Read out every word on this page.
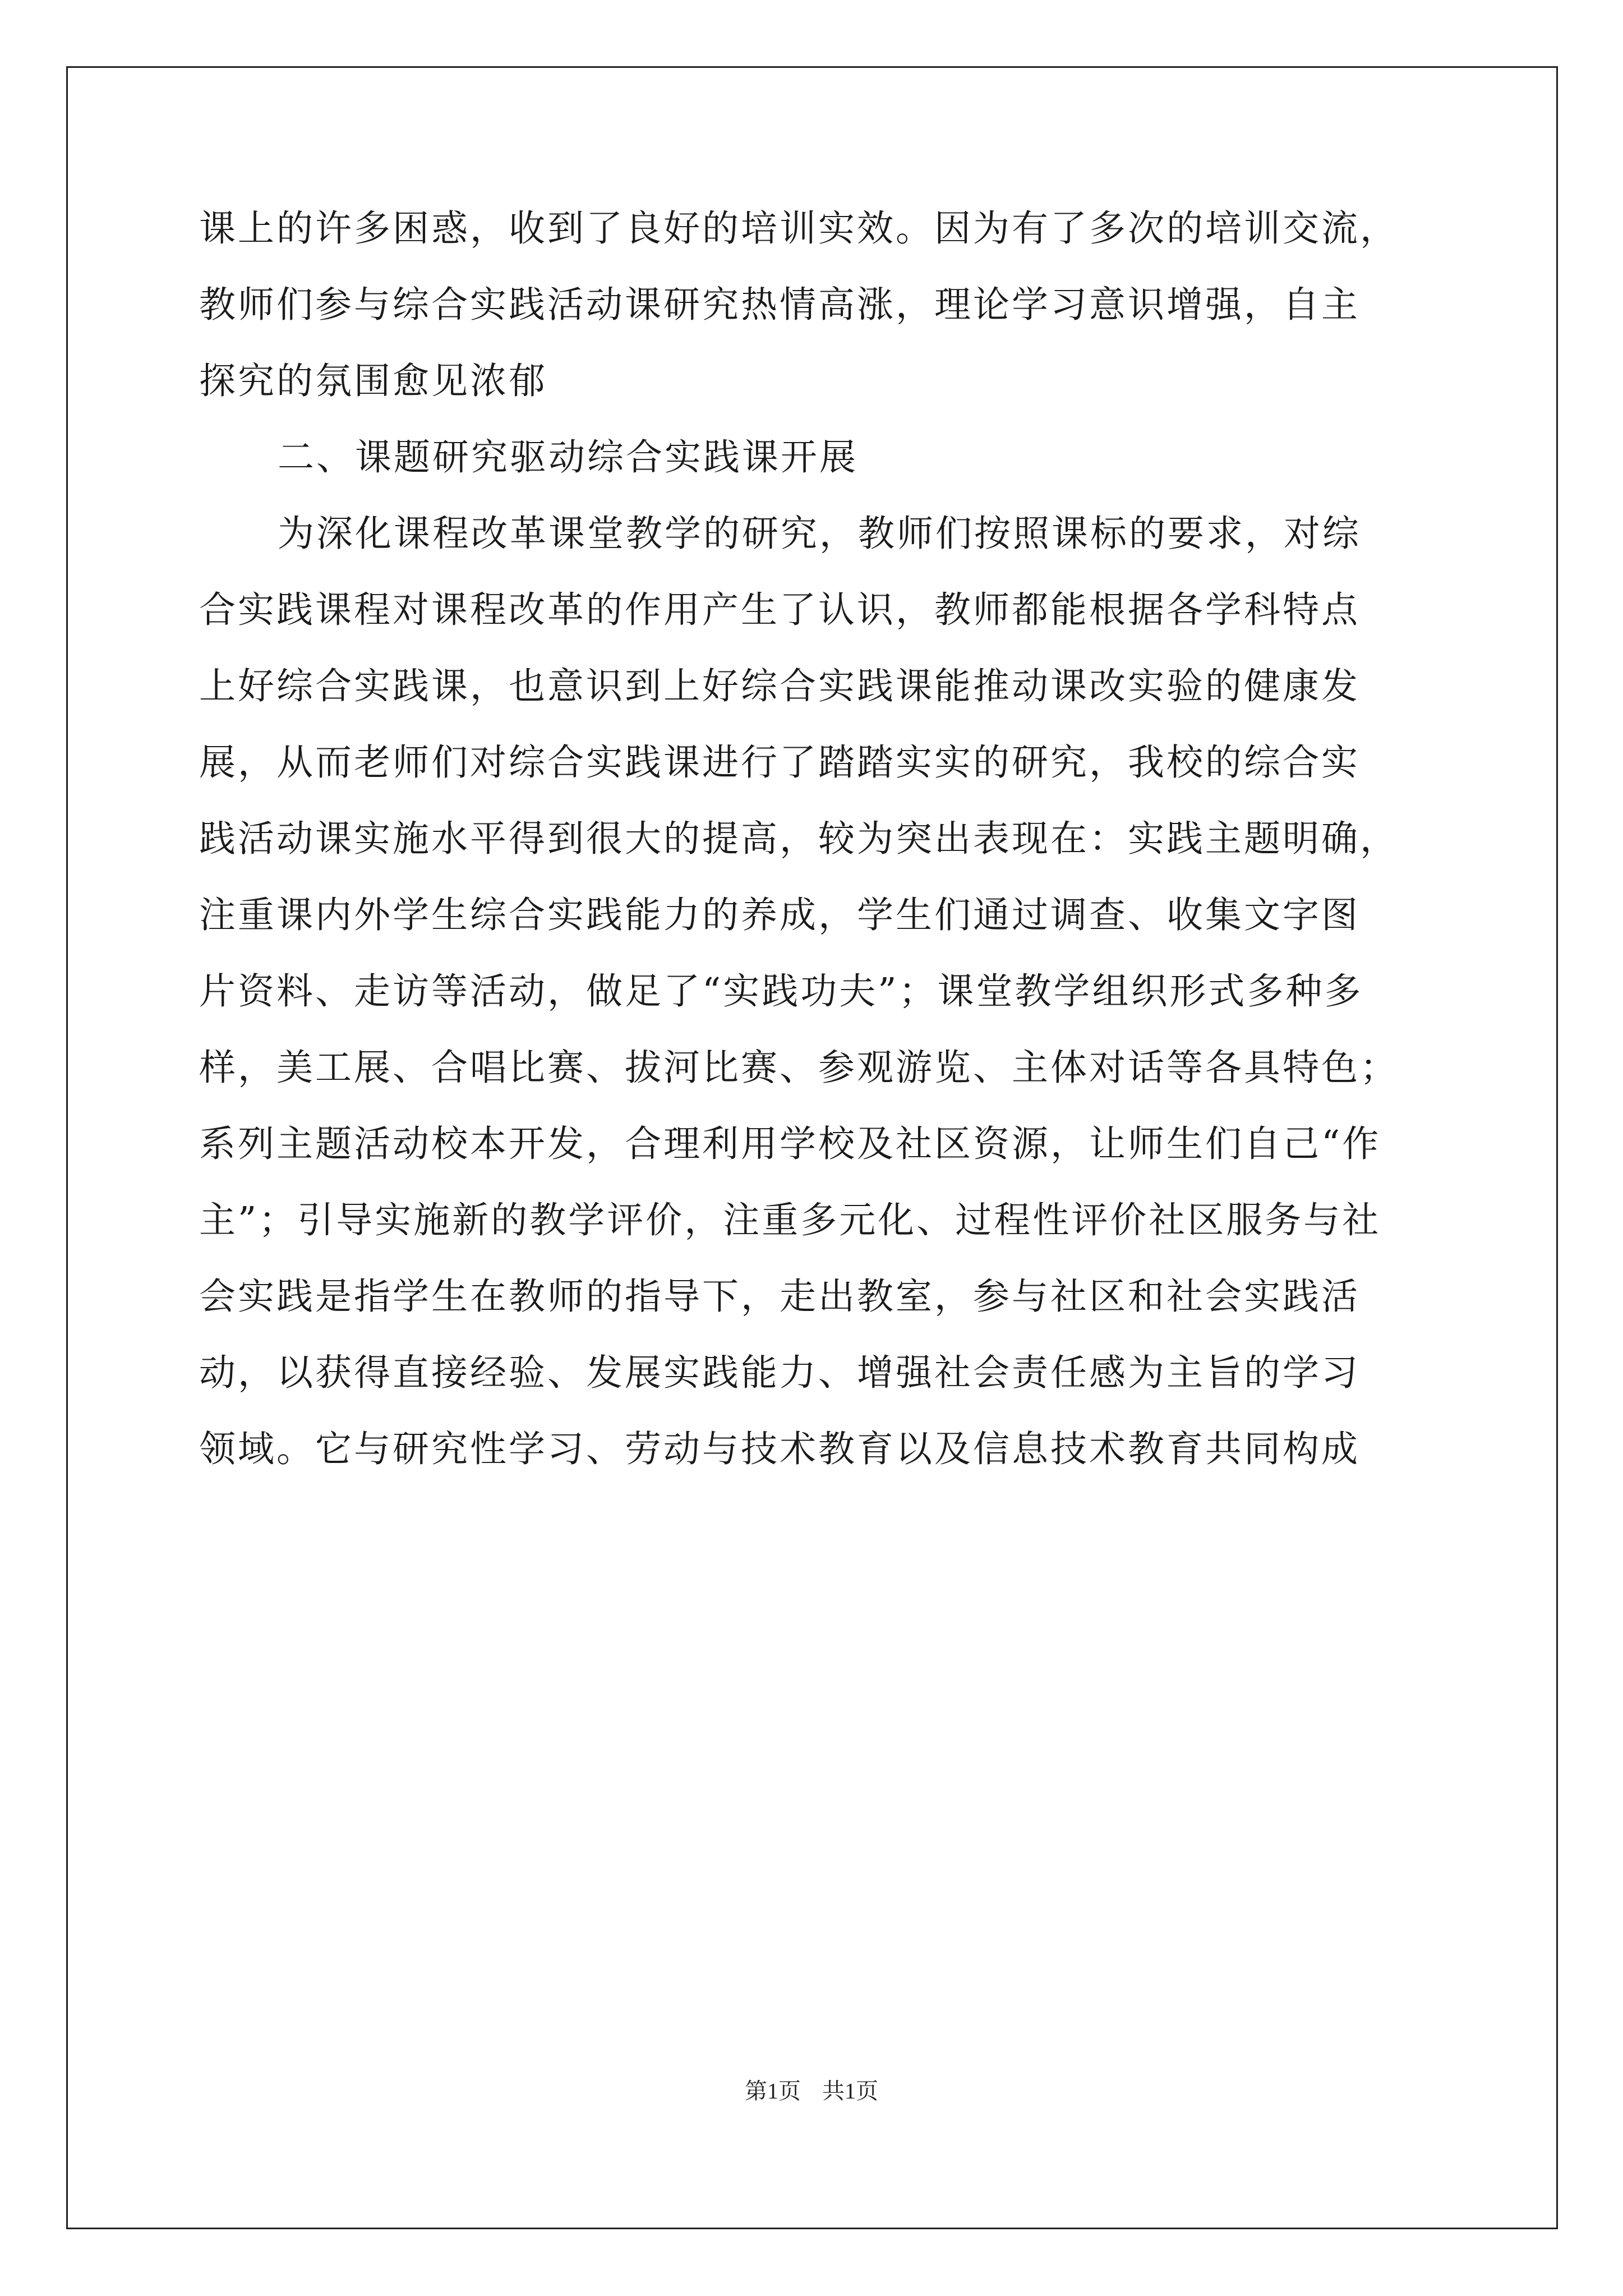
课上的许多困惑，收到了良好的培训实效。因为有了多次的培训交流，
教师们参与综合实践活动课研究热情高涨，理论学习意识增强，自主
探究的氛围愈见浓郁
二、课题研究驱动综合实践课开展
为深化课程改革课堂教学的研究，教师们按照课标的要求，对综
合实践课程对课程改革的作用产生了认识，教师都能根据各学科特点
上好综合实践课，也意识到上好综合实践课能推动课改实验的健康发
展，从而老师们对综合实践课进行了踏踏实实的研究，我校的综合实
践活动课实施水平得到很大的提高，较为突出表现在：实践主题明确，
注重课内外学生综合实践能力的养成，学生们通过调查、收集文字图
片资料、走访等活动，做足了“实践功夫”；课堂教学组织形式多种多
样，美工展、合唱比赛、拔河比赛、参观游览、主体对话等各具特色；
系列主题活动校本开发，合理利用学校及社区资源，让师生们自己“作
主”；引导实施新的教学评价，注重多元化、过程性评价社区服务与社
会实践是指学生在教师的指导下，走出教室，参与社区和社会实践活
动，以获得直接经验、发展实践能力、增强社会责任感为主旨的学习
领域。它与研究性学习、劳动与技术教育以及信息技术教育共同构成
第1页 共1页
